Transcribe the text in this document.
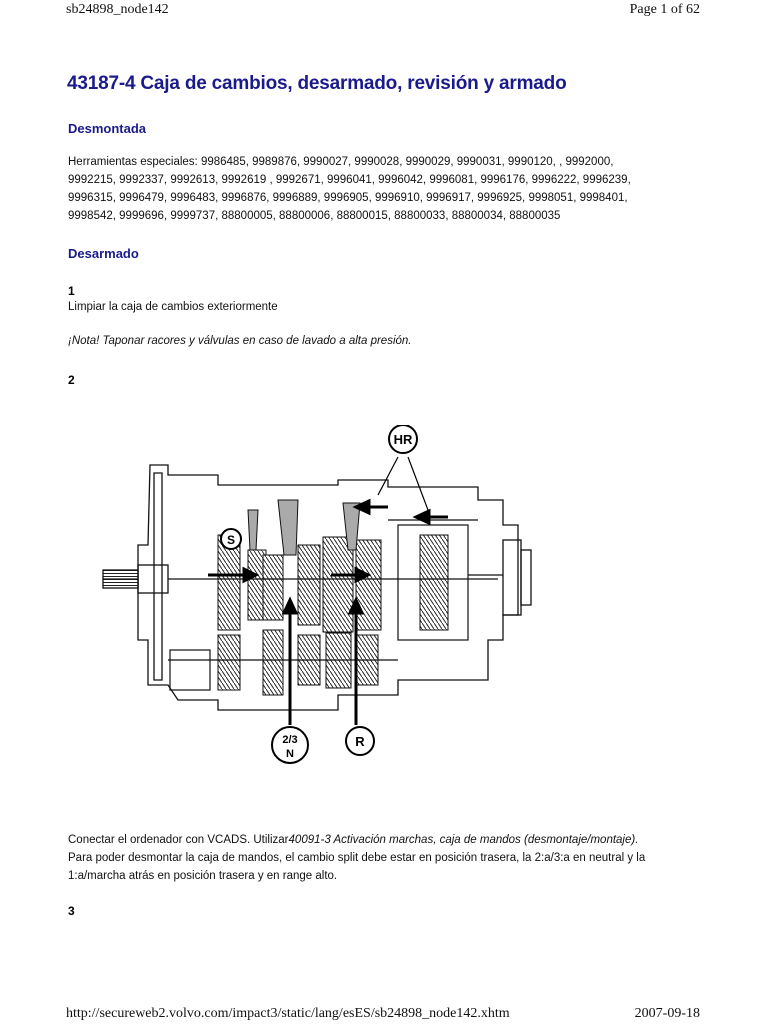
sb24898_node142	Page 1 of 62
43187-4 Caja de cambios, desarmado, revisión y armado
Desmontada
Herramientas especiales: 9986485, 9989876, 9990027, 9990028, 9990029, 9990031, 9990120, , 9992000,
9992215, 9992337, 9992613, 9992619 , 9992671, 9996041, 9996042, 9996081, 9996176, 9996222, 9996239,
9996315, 9996479, 9996483, 9996876, 9996889, 9996905, 9996910, 9996917, 9996925, 9998051, 9998401,
9998542, 9999696, 9999737, 88800005, 88800006, 88800015, 88800033, 88800034, 88800035
Desarmado
1
Limpiar la caja de cambios exteriormente
¡Nota! Taponar racores y válvulas en caso de lavado a alta presión.
2
HR
S
2/3
N
R
Conectar el ordenador con VCADS. Utilizar40091-3 Activación marchas, caja de mandos (desmontaje/montaje).
Para poder desmontar la caja de mandos, el cambio split debe estar en posición trasera, la 2:a/3:a en neutral y la
1:a/marcha atrás en posición trasera y en range alto.
3
http://secureweb2.volvo.com/impact3/static/lang/esES/sb24898_node142.xhtm	2007-09-18
